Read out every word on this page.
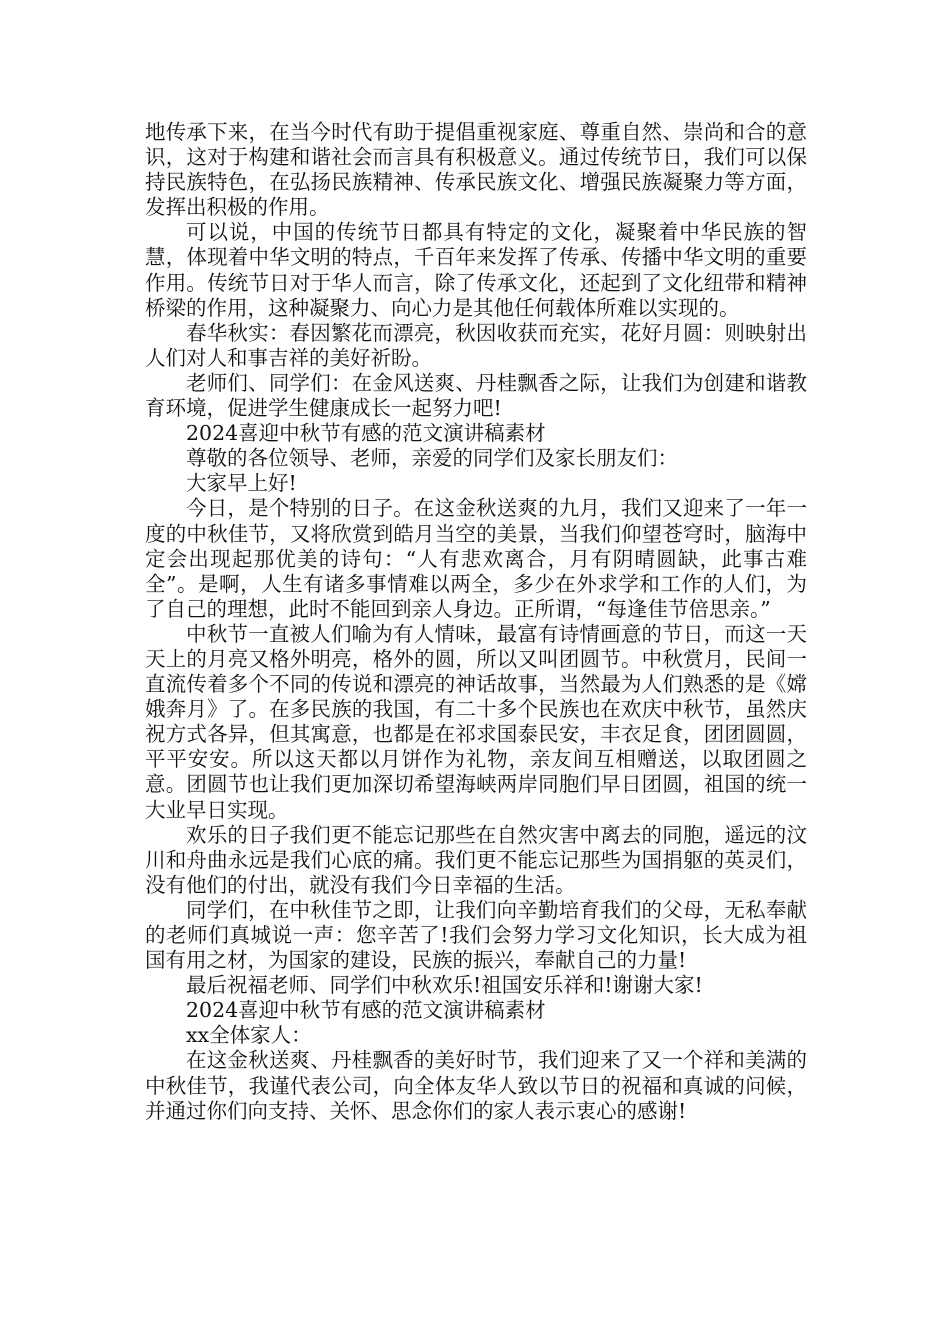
地传承下来，在当今时代有助于提倡重视家庭、尊重自然、崇尚和合的意识，这对于构建和谐社会而言具有积极意义。通过传统节日，我们可以保持民族特色，在弘扬民族精神、传承民族文化、增强民族凝聚力等方面，发挥出积极的作用。

可以说，中国的传统节日都具有特定的文化，凝聚着中华民族的智慧，体现着中华文明的特点，千百年来发挥了传承、传播中华文明的重要作用。传统节日对于华人而言，除了传承文化，还起到了文化纽带和精神桥梁的作用，这种凝聚力、向心力是其他任何载体所难以实现的。

春华秋实：春因繁花而漂亮，秋因收获而充实，花好月圆：则映射出人们对人和事吉祥的美好祈盼。

老师们、同学们：在金风送爽、丹桂飘香之际，让我们为创建和谐教育环境，促进学生健康成长一起努力吧!

2024喜迎中秋节有感的范文演讲稿素材

尊敬的各位领导、老师，亲爱的同学们及家长朋友们：

大家早上好!

今日，是个特别的日子。在这金秋送爽的九月，我们又迎来了一年一度的中秋佳节，又将欣赏到皓月当空的美景，当我们仰望苍穹时，脑海中定会出现起那优美的诗句：“人有悲欢离合，月有阴晴圆缺，此事古难全”。是啊，人生有诸多事情难以两全，多少在外求学和工作的人们，为了自己的理想，此时不能回到亲人身边。正所谓，“每逢佳节倍思亲。”

中秋节一直被人们喻为有人情味，最富有诗情画意的节日，而这一天天上的月亮又格外明亮，格外的圆，所以又叫团圆节。中秋赏月，民间一直流传着多个不同的传说和漂亮的神话故事，当然最为人们熟悉的是《嫦娥奔月》了。在多民族的我国，有二十多个民族也在欢庆中秋节，虽然庆祝方式各异，但其寓意，也都是在祁求国泰民安，丰衣足食，团团圆圆，平平安安。所以这天都以月饼作为礼物，亲友间互相赠送，以取团圆之意。团圆节也让我们更加深切希望海峡两岸同胞们早日团圆，祖国的统一大业早日实现。

欢乐的日子我们更不能忘记那些在自然灾害中离去的同胞，遥远的汶川和舟曲永远是我们心底的痛。我们更不能忘记那些为国捐躯的英灵们，没有他们的付出，就没有我们今日幸福的生活。

同学们，在中秋佳节之即，让我们向辛勤培育我们的父母，无私奉献的老师们真城说一声：您辛苦了!我们会努力学习文化知识，长大成为祖国有用之材，为国家的建设，民族的振兴，奉献自己的力量!

最后祝福老师、同学们中秋欢乐!祖国安乐祥和!谢谢大家!

2024喜迎中秋节有感的范文演讲稿素材

xx全体家人：

在这金秋送爽、丹桂飘香的美好时节，我们迎来了又一个祥和美满的中秋佳节，我谨代表公司，向全体友华人致以节日的祝福和真诚的问候，并通过你们向支持、关怀、思念你们的家人表示衷心的感谢!
